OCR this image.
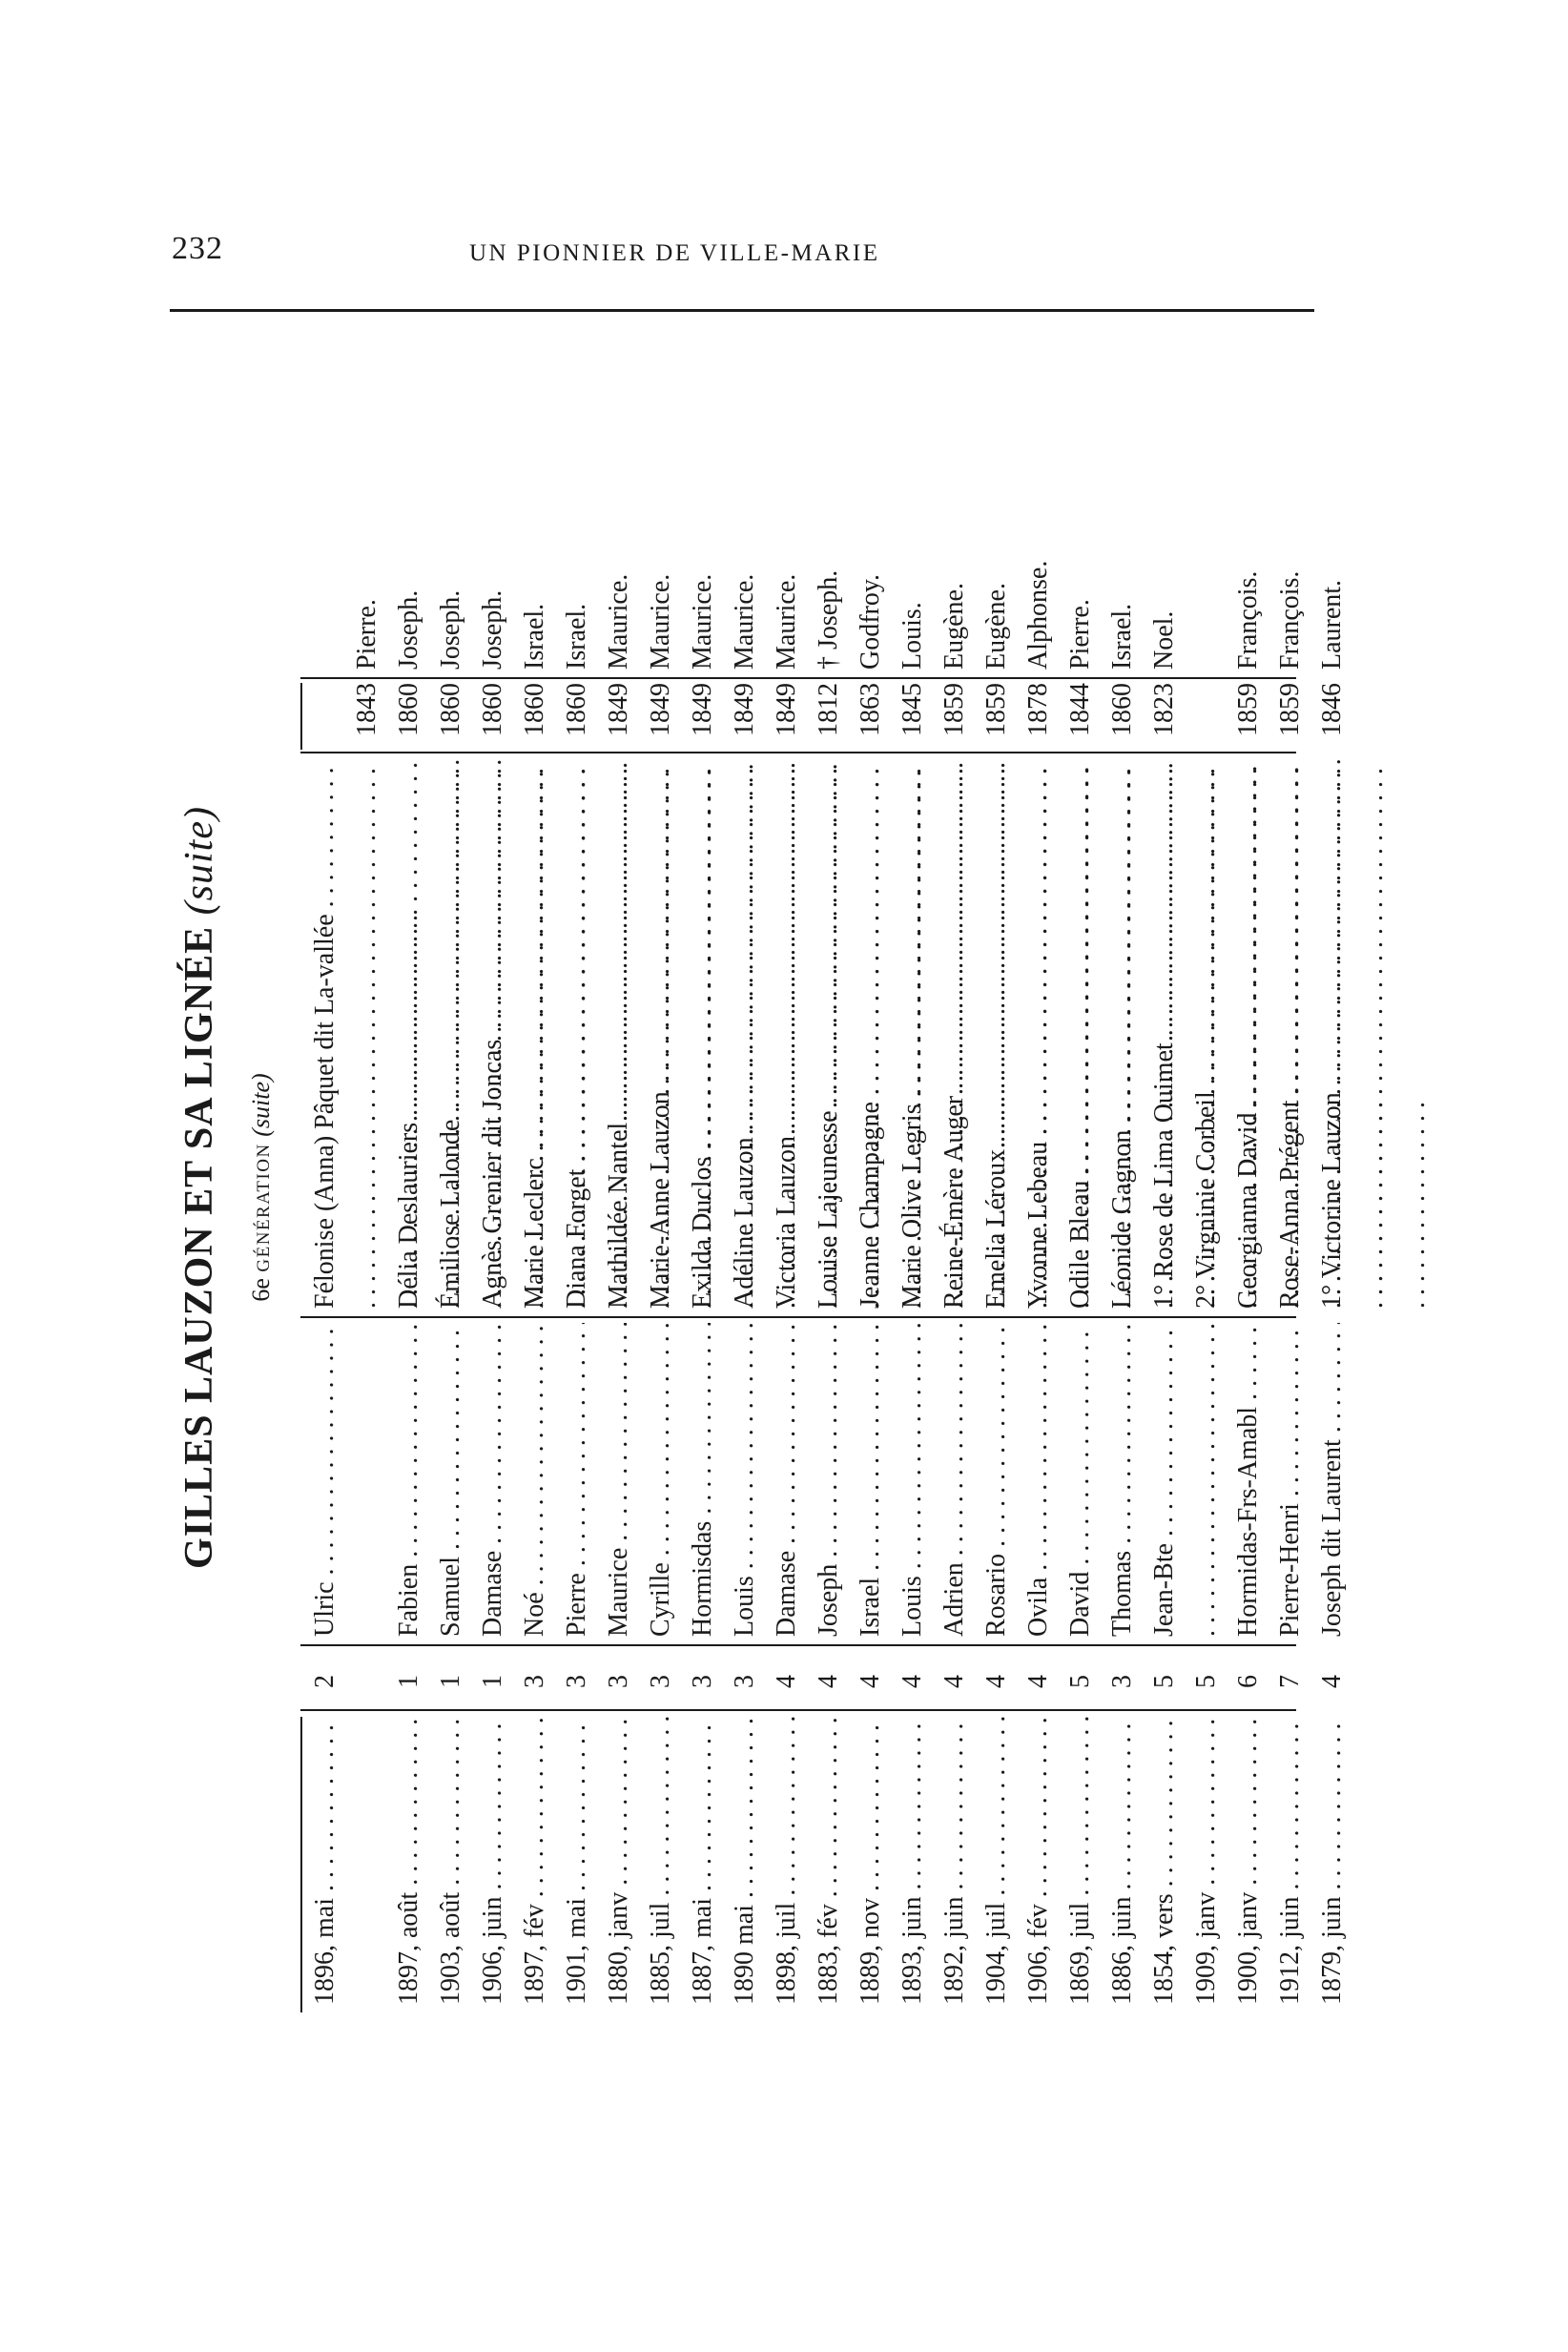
232	UN PIONNIER DE VILLE-MARIE
GILLES LAUZON ET SA LIGNÉE (suite)
6e GÉNÉRATION (suite)
1896, mai . . .
2
Ulric . . .
Félonise (Anna) Pâquet dit La-vallée . . .
1843
Pierre.
1897, août . . .
1
Fabien . . .
Délia Deslauriers . . .
1860
Joseph.
1903, août . . .
1
Samuel . . .
Émiliose Lalonde . . .
1860
Joseph.
1906, juin . . .
1
Damase . . .
Agnès Grenier dit Joncas . . .
1860
Joseph.
1897, fév . . .
3
Noé . . .
Marie Leclerc . . .
1860
Israel.
1901, mai . . .
3
Pierre . . .
Diana Forget . . .
1860
Israel.
1880, janv . . .
3
Maurice . . .
Mathildée Nantel . . .
1849
Maurice.
1885, juil . . .
3
Cyrille . . .
Marie-Anne Lauzon . . .
1849
Maurice.
1887, mai . . .
3
Hormisdas . . .
Exilda Duclos . . .
1849
Maurice.
1890 mai . . .
3
Louis . . .
Adéline Lauzon . . .
1849
Maurice.
1898, juil . . .
4
Damase . . .
Victoria Lauzon . . .
1849
Maurice.
1883, fév . . .
4
Joseph . . .
Louise Lajeunesse . . .
1812
† Joseph.
1889, nov . . .
4
Israel . . .
Jeanne Champagne . . .
1863
Godfroy.
1893, juin . . .
4
Louis . . .
Marie Olive Legris . . .
1845
Louis.
1892, juin . . .
4
Adrien . . .
Reine-Émère Auger . . .
1859
Eugène.
1904, juil . . .
4
Rosario . . .
Emelia Léroux . . .
1859
Eugène.
1906, fév . . .
4
Ovila . . .
Yvonne Lebeau . . .
1878
Alphonse.
1869, juil . . .
5
David . . .
Odile Bleau . . .
1844
Pierre.
1886, juin . . .
3
Thomas . . .
Léonide Gagnon . . .
1860
Israel.
1854, vers . . .
5
Jean-Bte . . .
1° Rose de Lima Ouimet . . .
1823
Noel.
1909, janv . . .
5
. . .
2° Virgninie Corbeil . . .
1900, janv . . .
6
Hormidas-Frs-Amabl . . .
Georgianna David . . .
1859
François.
1912, juin . . .
7
Pierre-Henri . . .
Rose-Anna Prégent . . .
1859
François.
1879, juin . . .
4
Joseph dit Laurent . . .
1° Victorine Lauzon . . .
1846
Laurent.
